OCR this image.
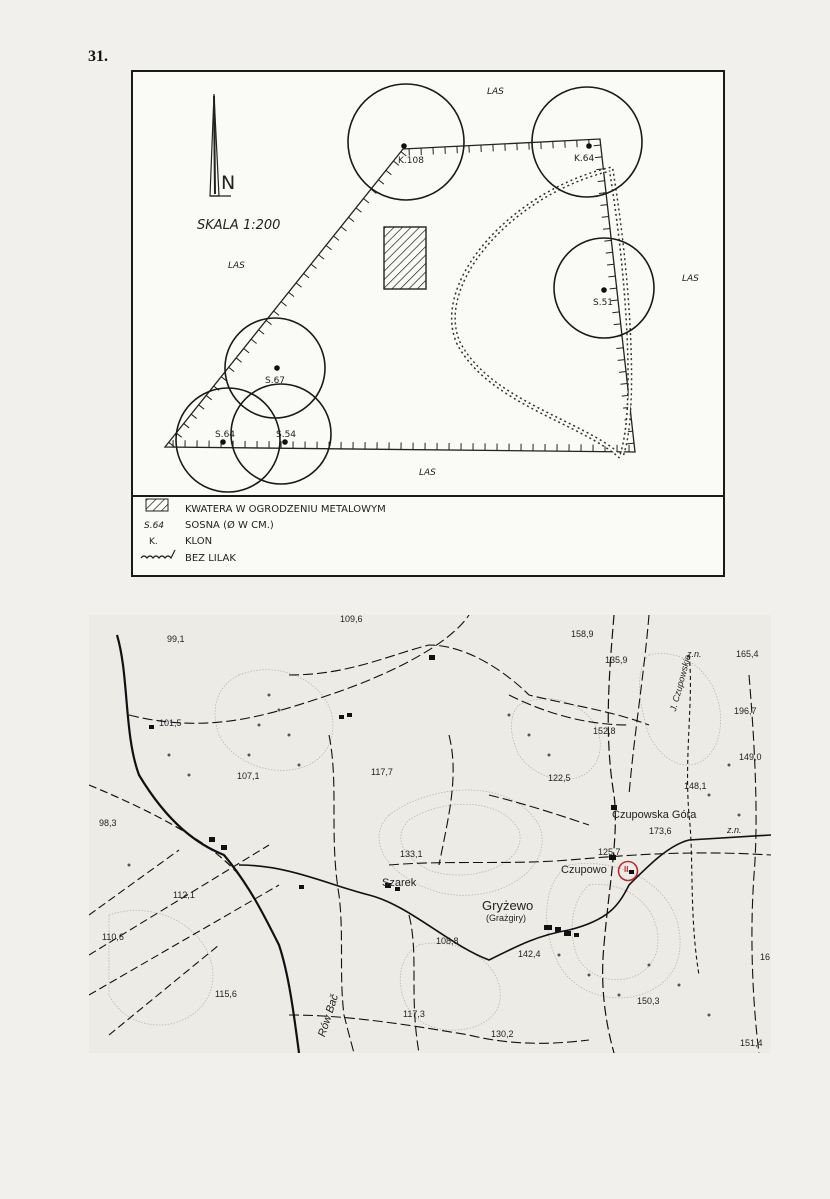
31.
N
SKALA 1:200
LAS
LAS
LAS
LAS
K.108	K.64
S.51
S.67
S.64	S.54
KWATERA W OGRODZENIU METALOWYM
S.64 SOSNA (Ø W CM.)
K.	KLON
BEZ LILAK
109,6
99,1
101,5
107,1
98,3
112,1
110,6
115,6
117,7
133,1
108,8
117,3
130,2
158,9
135,9
152,8
122,5
173,6
125,7
142,4
150,3
165,4
196,7
149,0
148,1
151,4
16
Szarek
Gryżewo
(Grażgiry)
Czupowo
Czupowska Góra
J. Czupowskie
Rów Bač
z.n.
z.n.
II
